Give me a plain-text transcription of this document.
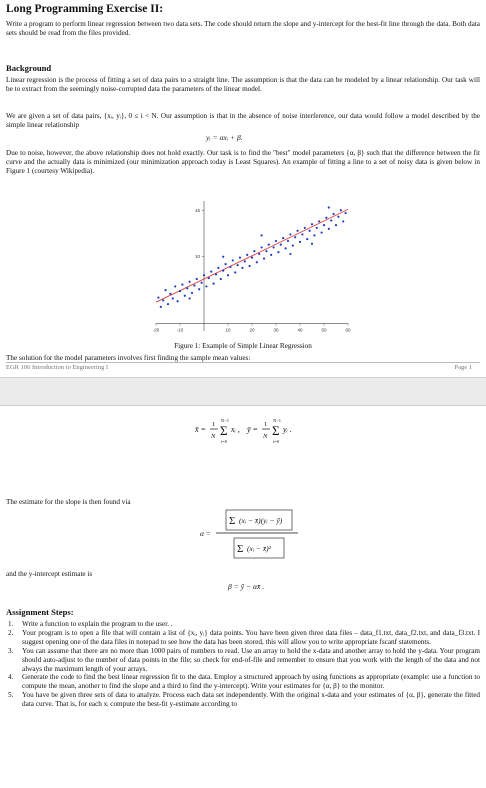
Long Programming Exercise II:
Write a program to perform linear regression between two data sets. The code should return the slope and y-intercept for the best-fit line through the data. Both data sets should be read from the files provided.
Background
Linear regression is the process of fitting a set of data pairs to a straight line. The assumption is that the data can be modeled by a linear relationship. Our task will be to extract from the seemingly noise-corrupted data the parameters of the linear model.
We are given a set of data pairs, {xᵢ, yᵢ}, 0 ≤ i < N. Our assumption is that in the absence of noise interference, our data would follow a model described by the simple linear relationship
yᵢ = αxᵢ + β.
Due to noise, however, the above relationship does not hold exactly. Our task is to find the "best" model parameters {α, β} such that the difference between the fit curve and the actually data is minimized (our minimization approach today is Least Squares). An example of fitting a line to a set of noisy data is given below in Figure 1 (courtesy Wikipedia).
-20	-10	10	20	30	40	50	60
10
15
Figure 1: Example of Simple Linear Regression
The solution for the model parameters involves first finding the sample mean values:
EGR 106 Introduction to Engineering I	Page 1
x̄ =
1
N Σ
N−1
i=0
xᵢ , ȳ =
1
N Σ
N−1
i=0
yᵢ .
The estimate for the slope is then found via
α =
Σ (xᵢ − x̄)(yᵢ − ȳ)
Σ (xᵢ − x̄)²
and the y-intercept estimate is
β = ȳ − αx̄ .
Assignment Steps:
1. Write a function to explain the program to the user. .
2. Your program is to open a file that will contain a list of {xᵢ, yᵢ} data points. You have been given three data files – data_f1.txt, data_f2.txt, and data_f3.txt. I suggest opening one of the data files in notepad to see how the data has been stored, this will allow you to write appropriate fscanf statements.
3. You can assume that there are no more than 1000 pairs of numbers to read. Use an array to hold the x-data and another array to hold the y-data. Your program should auto-adjust to the number of data points in the file; so check for end-of-file and remember to ensure that you work with the length of the data and not always the maximum length of your arrays.
4. Generate the code to find the best linear regression fit to the data. Employ a structured approach by using functions as appropriate (example: use a function to compute the mean, another to find the slope and a third to find the y-intercept). Write your estimates for {α, β} to the monitor.
5. You have be given three sets of data to analyze. Process each data set independently. With the original x-data and your estimates of {α, β}, generate the fitted data curve. That is, for each xᵢ compute the best-fit y-estimate according to
